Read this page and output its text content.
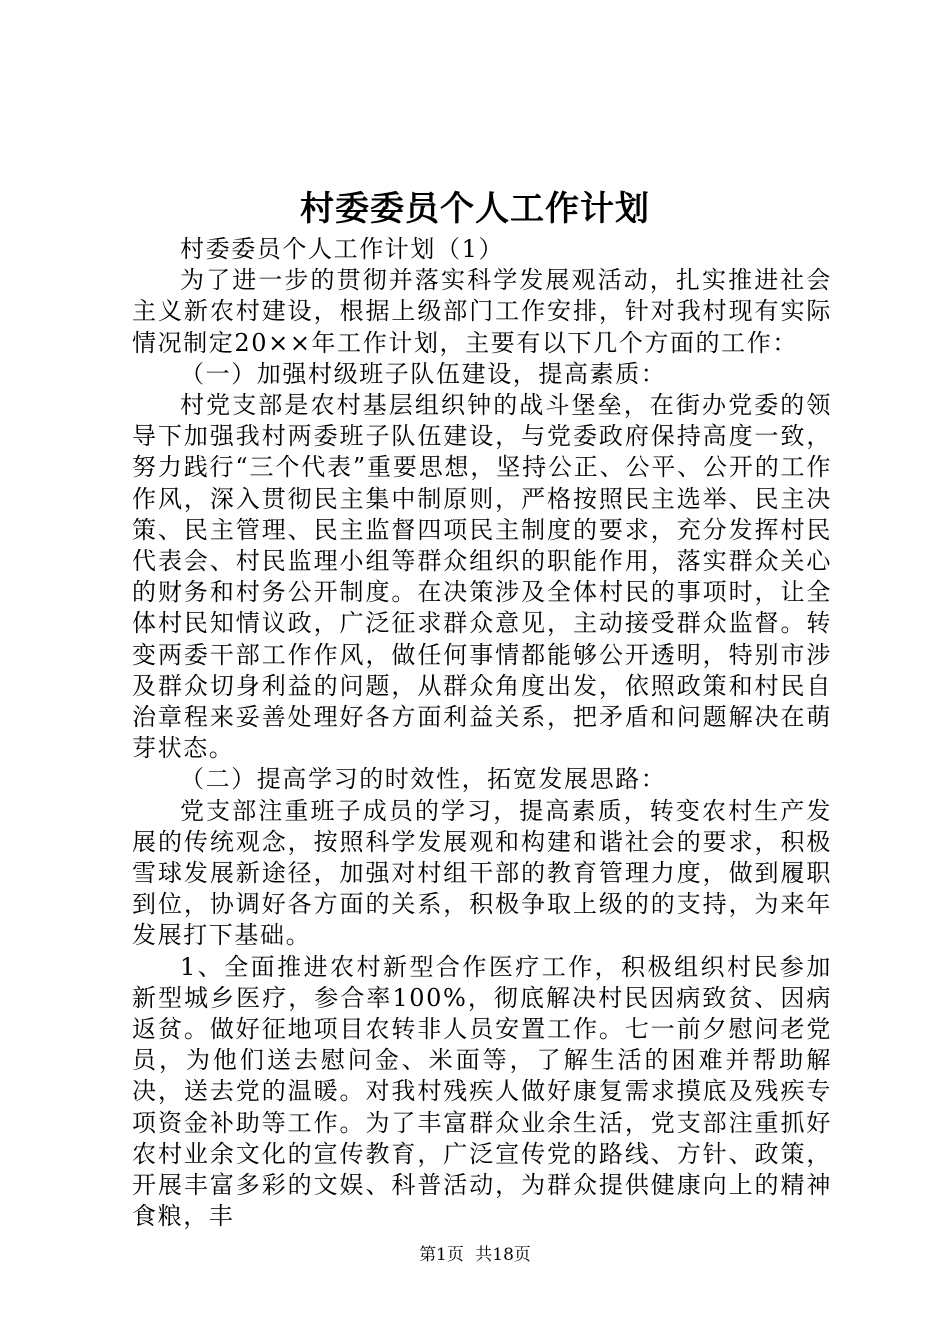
村委委员个人工作计划

村委委员个人工作计划（1）

为了进一步的贯彻并落实科学发展观活动，扎实推进社会主义新农村建设，根据上级部门工作安排，针对我村现有实际情况制定20××年工作计划，主要有以下几个方面的工作：

（一）加强村级班子队伍建设，提高素质：

村党支部是农村基层组织钟的战斗堡垒，在街办党委的领导下加强我村两委班子队伍建设，与党委政府保持高度一致，努力践行“三个代表”重要思想，坚持公正、公平、公开的工作作风，深入贯彻民主集中制原则，严格按照民主选举、民主决策、民主管理、民主监督四项民主制度的要求，充分发挥村民代表会、村民监理小组等群众组织的职能作用，落实群众关心的财务和村务公开制度。在决策涉及全体村民的事项时，让全体村民知情议政，广泛征求群众意见，主动接受群众监督。转变两委干部工作作风，做任何事情都能够公开透明，特别市涉及群众切身利益的问题，从群众角度出发，依照政策和村民自治章程来妥善处理好各方面利益关系，把矛盾和问题解决在萌芽状态。

（二）提高学习的时效性，拓宽发展思路：

党支部注重班子成员的学习，提高素质，转变农村生产发展的传统观念，按照科学发展观和构建和谐社会的要求，积极雪球发展新途径，加强对村组干部的教育管理力度，做到履职到位，协调好各方面的关系，积极争取上级的的支持，为来年发展打下基础。

1、全面推进农村新型合作医疗工作，积极组织村民参加新型城乡医疗，参合率100%，彻底解决村民因病致贫、因病返贫。做好征地项目农转非人员安置工作。七一前夕慰问老党员，为他们送去慰问金、米面等，了解生活的困难并帮助解决，送去党的温暖。对我村残疾人做好康复需求摸底及残疾专项资金补助等工作。为了丰富群众业余生活，党支部注重抓好农村业余文化的宣传教育，广泛宣传党的路线、方针、政策，开展丰富多彩的文娱、科普活动，为群众提供健康向上的精神食粮，丰

第1页 共18页
